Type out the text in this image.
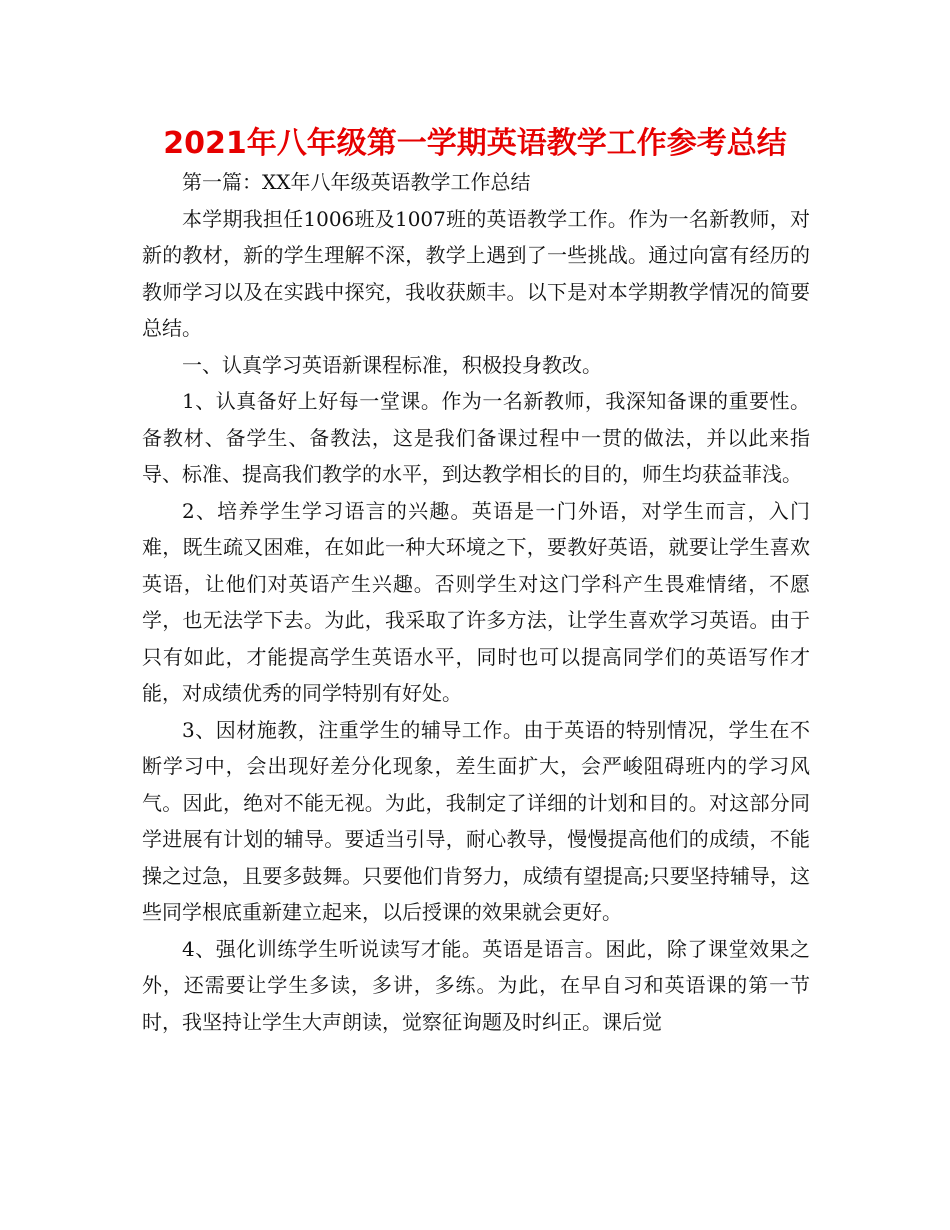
2021年八年级第一学期英语教学工作参考总结

第一篇：XX年八年级英语教学工作总结

本学期我担任1006班及1007班的英语教学工作。作为一名新教师，对新的教材，新的学生理解不深，教学上遇到了一些挑战。通过向富有经历的教师学习以及在实践中探究，我收获颇丰。以下是对本学期教学情况的简要总结。

一、认真学习英语新课程标准，积极投身教改。

1、认真备好上好每一堂课。作为一名新教师，我深知备课的重要性。备教材、备学生、备教法，这是我们备课过程中一贯的做法，并以此来指导、标准、提高我们教学的水平，到达教学相长的目的，师生均获益菲浅。

2、培养学生学习语言的兴趣。英语是一门外语，对学生而言，入门难，既生疏又困难，在如此一种大环境之下，要教好英语，就要让学生喜欢英语，让他们对英语产生兴趣。否则学生对这门学科产生畏难情绪，不愿学，也无法学下去。为此，我采取了许多方法，让学生喜欢学习英语。由于只有如此，才能提高学生英语水平，同时也可以提高同学们的英语写作才能，对成绩优秀的同学特别有好处。

3、因材施教，注重学生的辅导工作。由于英语的特别情况，学生在不断学习中，会出现好差分化现象，差生面扩大，会严峻阻碍班内的学习风气。因此，绝对不能无视。为此，我制定了详细的计划和目的。对这部分同学进展有计划的辅导。要适当引导，耐心教导，慢慢提高他们的成绩，不能操之过急，且要多鼓舞。只要他们肯努力，成绩有望提高;只要坚持辅导，这些同学根底重新建立起来，以后授课的效果就会更好。

4、强化训练学生听说读写才能。英语是语言。困此，除了课堂效果之外，还需要让学生多读，多讲，多练。为此，在早自习和英语课的第一节时，我坚持让学生大声朗读，觉察征询题及时纠正。课后觉
